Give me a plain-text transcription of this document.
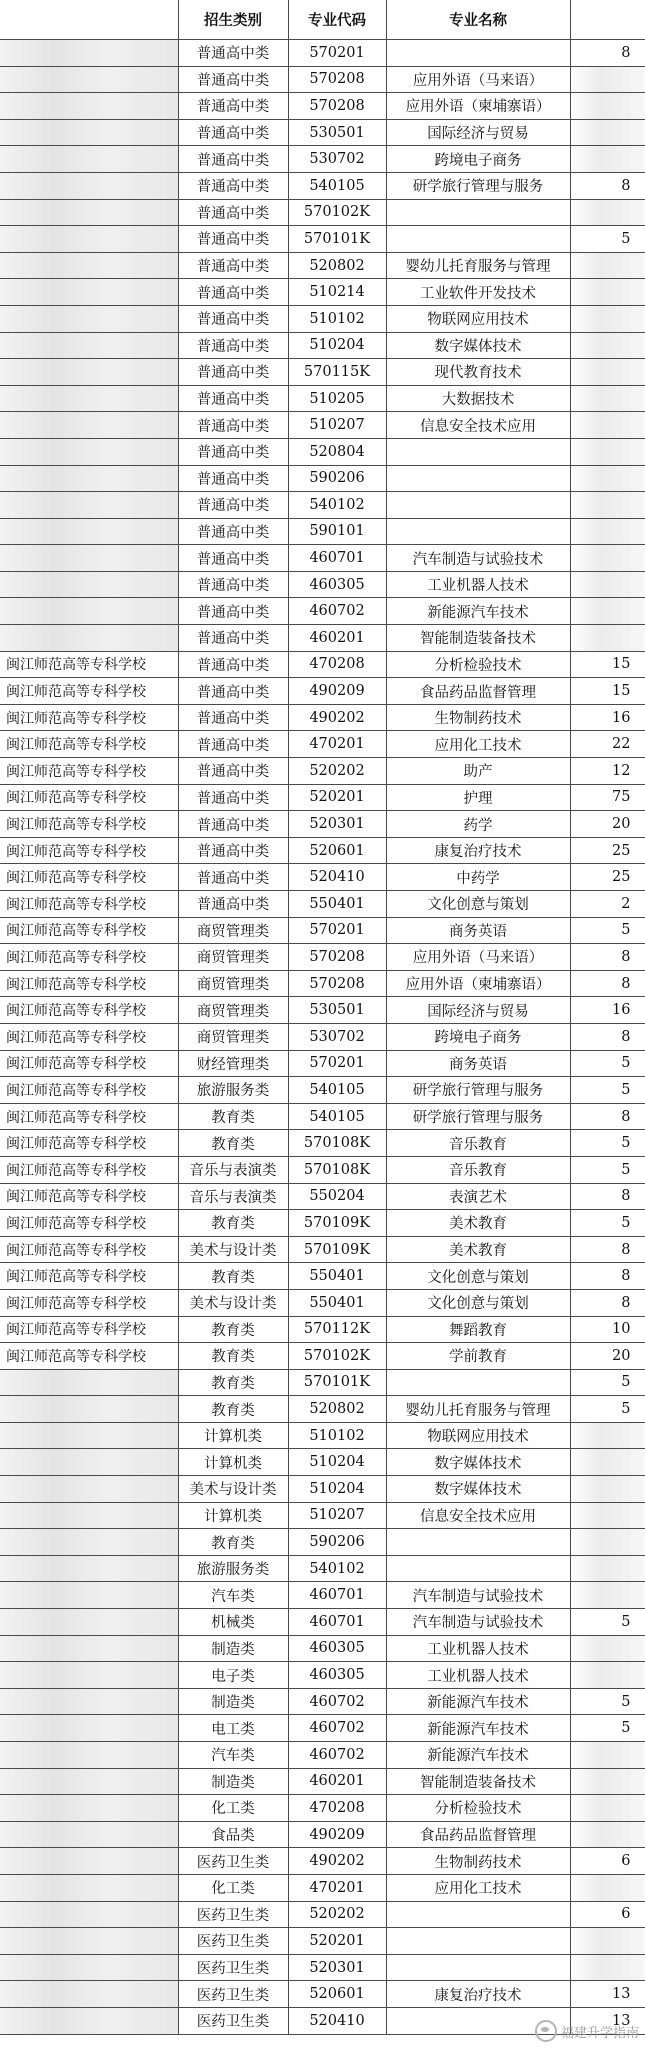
	招生类别	专业代码	专业名称	
	普通高中类	570201		8
	普通高中类	570208	应用外语（马来语）	
	普通高中类	570208	应用外语（柬埔寨语）	
	普通高中类	530501	国际经济与贸易	
	普通高中类	530702	跨境电子商务	
	普通高中类	540105	研学旅行管理与服务	8
	普通高中类	570102K		
	普通高中类	570101K		5
	普通高中类	520802	婴幼儿托育服务与管理	
	普通高中类	510214	工业软件开发技术	
	普通高中类	510102	物联网应用技术	
	普通高中类	510204	数字媒体技术	
	普通高中类	570115K	现代教育技术	
	普通高中类	510205	大数据技术	
	普通高中类	510207	信息安全技术应用	
	普通高中类	520804		
	普通高中类	590206		
	普通高中类	540102		
	普通高中类	590101		
	普通高中类	460701	汽车制造与试验技术	
	普通高中类	460305	工业机器人技术	
	普通高中类	460702	新能源汽车技术	
	普通高中类	460201	智能制造装备技术	
闽江师范高等专科学校	普通高中类	470208	分析检验技术	15
闽江师范高等专科学校	普通高中类	490209	食品药品监督管理	15
闽江师范高等专科学校	普通高中类	490202	生物制药技术	16
闽江师范高等专科学校	普通高中类	470201	应用化工技术	22
闽江师范高等专科学校	普通高中类	520202	助产	12
闽江师范高等专科学校	普通高中类	520201	护理	75
闽江师范高等专科学校	普通高中类	520301	药学	20
闽江师范高等专科学校	普通高中类	520601	康复治疗技术	25
闽江师范高等专科学校	普通高中类	520410	中药学	25
闽江师范高等专科学校	普通高中类	550401	文化创意与策划	2
闽江师范高等专科学校	商贸管理类	570201	商务英语	5
闽江师范高等专科学校	商贸管理类	570208	应用外语（马来语）	8
闽江师范高等专科学校	商贸管理类	570208	应用外语（柬埔寨语）	8
闽江师范高等专科学校	商贸管理类	530501	国际经济与贸易	16
闽江师范高等专科学校	商贸管理类	530702	跨境电子商务	8
闽江师范高等专科学校	财经管理类	570201	商务英语	5
闽江师范高等专科学校	旅游服务类	540105	研学旅行管理与服务	5
闽江师范高等专科学校	教育类	540105	研学旅行管理与服务	8
闽江师范高等专科学校	教育类	570108K	音乐教育	5
闽江师范高等专科学校	音乐与表演类	570108K	音乐教育	5
闽江师范高等专科学校	音乐与表演类	550204	表演艺术	8
闽江师范高等专科学校	教育类	570109K	美术教育	5
闽江师范高等专科学校	美术与设计类	570109K	美术教育	8
闽江师范高等专科学校	教育类	550401	文化创意与策划	8
闽江师范高等专科学校	美术与设计类	550401	文化创意与策划	8
闽江师范高等专科学校	教育类	570112K	舞蹈教育	10
闽江师范高等专科学校	教育类	570102K	学前教育	20
	教育类	570101K		5
	教育类	520802	婴幼儿托育服务与管理	5
	计算机类	510102	物联网应用技术	
	计算机类	510204	数字媒体技术	
	美术与设计类	510204	数字媒体技术	
	计算机类	510207	信息安全技术应用	
	教育类	590206		
	旅游服务类	540102		
	汽车类	460701	汽车制造与试验技术	
	机械类	460701	汽车制造与试验技术	5
	制造类	460305	工业机器人技术	
	电子类	460305	工业机器人技术	
	制造类	460702	新能源汽车技术	5
	电工类	460702	新能源汽车技术	5
	汽车类	460702	新能源汽车技术	
	制造类	460201	智能制造装备技术	
	化工类	470208	分析检验技术	
	食品类	490209	食品药品监督管理	
	医药卫生类	490202	生物制药技术	6
	化工类	470201	应用化工技术	
	医药卫生类	520202		6
	医药卫生类	520201		
	医药卫生类	520301		
	医药卫生类	520601	康复治疗技术	13
	医药卫生类	520410		13
福建升学指南
